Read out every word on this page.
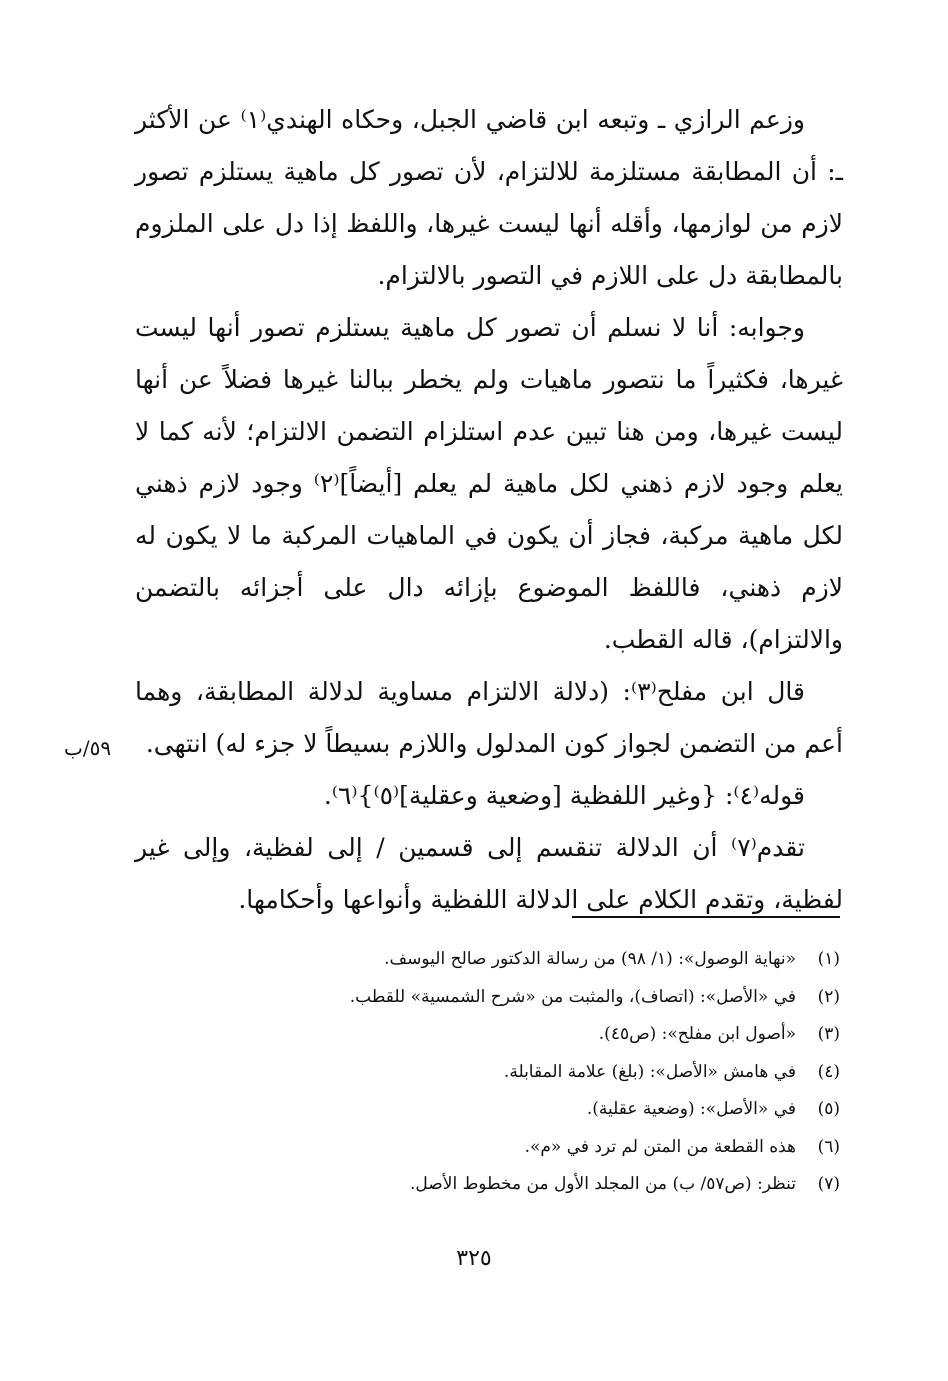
وزعم الرازي ـ وتبعه ابن قاضي الجبل، وحكاه الهندي⁽١⁾ عن الأكثر ـ: أن المطابقة مستلزمة للالتزام، لأن تصور كل ماهية يستلزم تصور لازم من لوازمها، وأقله أنها ليست غيرها، واللفظ إذا دل على الملزوم بالمطابقة دل على اللازم في التصور بالالتزام.

وجوابه: أنا لا نسلم أن تصور كل ماهية يستلزم تصور أنها ليست غيرها، فكثيراً ما نتصور ماهيات ولم يخطر ببالنا غيرها فضلاً عن أنها ليست غيرها، ومن هنا تبين عدم استلزام التضمن الالتزام؛ لأنه كما لا يعلم وجود لازم ذهني لكل ماهية لم يعلم [أيضاً]⁽٢⁾ وجود لازم ذهني لكل ماهية مركبة، فجاز أن يكون في الماهيات المركبة ما لا يكون له لازم ذهني، فاللفظ الموضوع بإزائه دال على أجزائه بالتضمن والالتزام)، قاله القطب.

قال ابن مفلح⁽٣⁾: (دلالة الالتزام مساوية لدلالة المطابقة، وهما أعم من التضمن لجواز كون المدلول واللازم بسيطاً لا جزء له) انتهى.

قوله⁽٤⁾: {وغير اللفظية [وضعية وعقلية]⁽٥⁾}⁽٦⁾.

تقدم⁽٧⁾ أن الدلالة تنقسم إلى قسمين / إلى لفظية، وإلى غير لفظية، وتقدم الكلام على الدلالة اللفظية وأنواعها وأحكامها.

٥٩/ب
(١)
«نهاية الوصول»: (١/ ٩٨) من رسالة الدكتور صالح اليوسف.
(٢)
في «الأصل»: (اتصاف)، والمثبت من «شرح الشمسية» للقطب.
(٣)
«أصول ابن مفلح»: (ص٤٥).
(٤)
في هامش «الأصل»: (بلغ) علامة المقابلة.
(٥)
في «الأصل»: (وضعية عقلية).
(٦)
هذه القطعة من المتن لم ترد في «م».
(٧)
تنظر: (ص٥٧/ ب) من المجلد الأول من مخطوط الأصل.
٣٢٥
